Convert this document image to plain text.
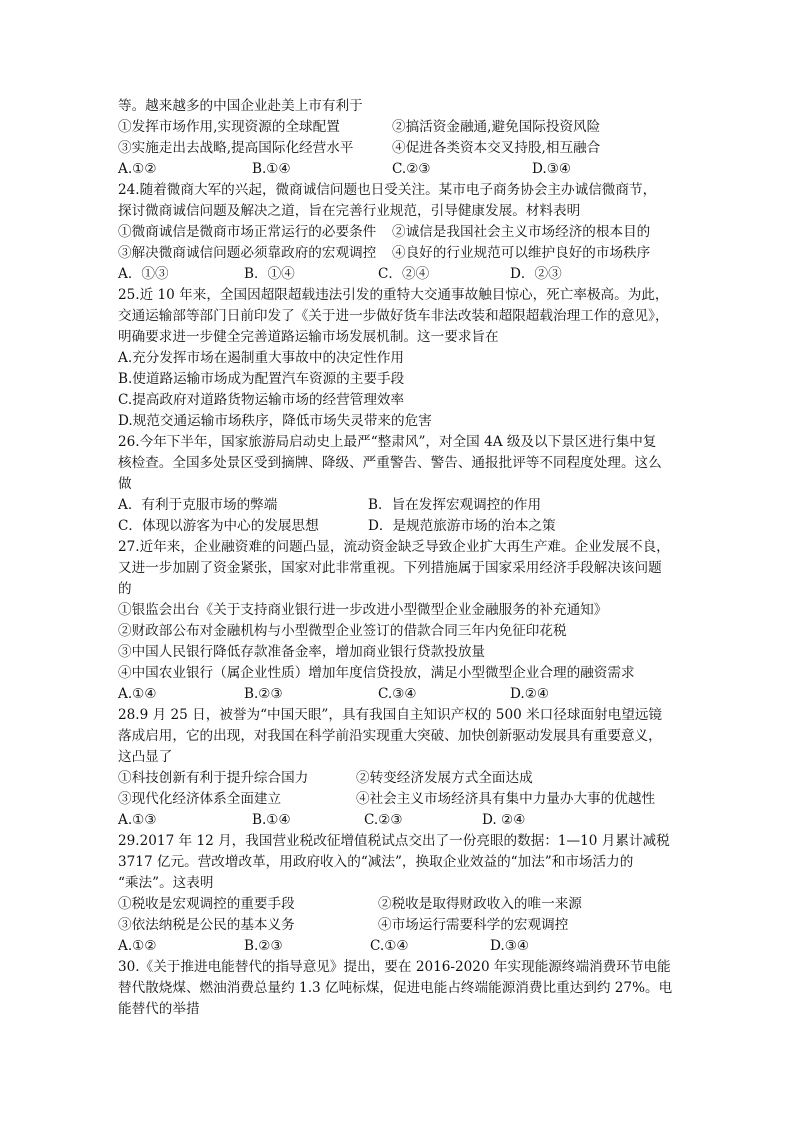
等。越来越多的中国企业赴美上市有利于
①发挥市场作用,实现资源的全球配置	②搞活资金融通,避免国际投资风险
③实施走出去战略,提高国际化经营水平	④促进各类资本交叉持股,相互融合
A.①②	B.①④	C.②③	D.③④
24.随着微商大军的兴起，微商诚信问题也日受关注。某市电子商务协会主办诚信微商节，
探讨微商诚信问题及解决之道，旨在完善行业规范，引导健康发展。材料表明
①微商诚信是微商市场正常运行的必要条件 ②诚信是我国社会主义市场经济的根本目的
③解决微商诚信问题必须靠政府的宏观调控 ④良好的行业规范可以维护良好的市场秩序
A．①③	B．①④	C．②④	D．②③
25.近 10 年来，全国因超限超载违法引发的重特大交通事故触目惊心，死亡率极高。为此，
交通运输部等部门日前印发了《关于进一步做好货车非法改装和超限超载治理工作的意见》，
明确要求进一步健全完善道路运输市场发展机制。这一要求旨在
A.充分发挥市场在遏制重大事故中的决定性作用
B.使道路运输市场成为配置汽车资源的主要手段
C.提高政府对道路货物运输市场的经营管理效率
D.规范交通运输市场秩序，降低市场失灵带来的危害
26.今年下半年，国家旅游局启动史上最严“整肃风”，对全国 4A 级及以下景区进行集中复
核检查。全国多处景区受到摘牌、降级、严重警告、警告、通报批评等不同程度处理。这么
做
A．有利于克服市场的弊端	B．旨在发挥宏观调控的作用
C．体现以游客为中心的发展思想	D．是规范旅游市场的治本之策
27.近年来，企业融资难的问题凸显，流动资金缺乏导致企业扩大再生产难。企业发展不良，
又进一步加剧了资金紧张，国家对此非常重视。下列措施属于国家采用经济手段解决该问题
的
①银监会出台《关于支持商业银行进一步改进小型微型企业金融服务的补充通知》
②财政部公布对金融机构与小型微型企业签订的借款合同三年内免征印花税
③中国人民银行降低存款准备金率，增加商业银行贷款投放量
④中国农业银行（属企业性质）增加年度信贷投放，满足小型微型企业合理的融资需求
A.①④	B.②③	C.③④	D.②④
28.9 月 25 日，被誉为“中国天眼”，具有我国自主知识产权的 500 米口径球面射电望远镜
落成启用，它的出现，对我国在科学前沿实现重大突破、加快创新驱动发展具有重要意义，
这凸显了
①科技创新有利于提升综合国力	②转变经济发展方式全面达成
③现代化经济体系全面建立	④社会主义市场经济具有集中力量办大事的优越性
A.①③	B.①④	C.②③	D. ②④
29.2017 年 12 月，我国营业税改征增值税试点交出了一份亮眼的数据：1—10 月累计减税
3717 亿元。营改增改革，用政府收入的“减法”，换取企业效益的“加法”和市场活力的
“乘法”。这表明
①税收是宏观调控的重要手段	②税收是取得财政收入的唯一来源
③依法纳税是公民的基本义务	④市场运行需要科学的宏观调控
A.①②	B.②③	C.①④	D.③④
30.《关于推进电能替代的指导意见》提出，要在 2016-2020 年实现能源终端消费环节电能
替代散烧煤、燃油消费总量约 1.3 亿吨标煤，促进电能占终端能源消费比重达到约 27%。电
能替代的举措
